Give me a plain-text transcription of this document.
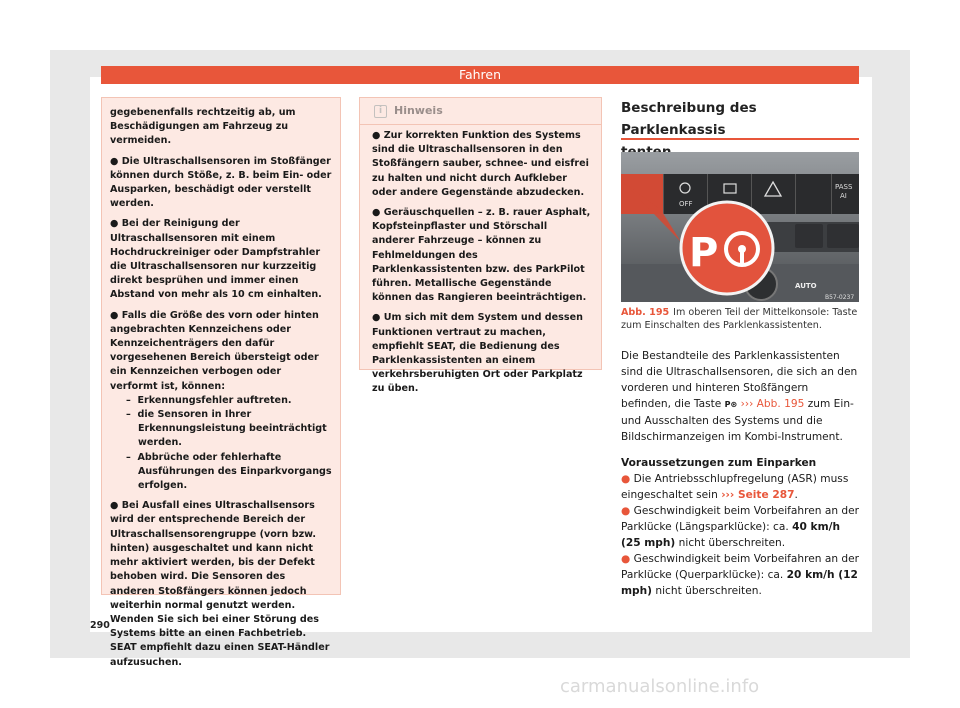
Fahren

gegebenenfalls rechtzeitig ab, um Beschädigungen am Fahrzeug zu vermeiden.

● Die Ultraschallsensoren im Stoßfänger können durch Stöße, z. B. beim Ein- oder Ausparken, beschädigt oder verstellt werden.

● Bei der Reinigung der Ultraschallsensoren mit einem Hochdruckreiniger oder Dampfstrahler die Ultraschallsensoren nur kurzzeitig direkt besprühen und immer einen Abstand von mehr als 10 cm einhalten.

● Falls die Größe des vorn oder hinten angebrachten Kennzeichens oder Kennzeichenträgers den dafür vorgesehenen Bereich übersteigt oder ein Kennzeichen verbogen oder verformt ist, können:

–  Erkennungsfehler auftreten.

–  die Sensoren in Ihrer Erkennungsleistung beeinträchtigt werden.

–  Abbrüche oder fehlerhafte Ausführungen des Einparkvorgangs erfolgen.

● Bei Ausfall eines Ultraschallsensors wird der entsprechende Bereich der Ultraschallsensorengruppe (vorn bzw. hinten) ausgeschaltet und kann nicht mehr aktiviert werden, bis der Defekt behoben wird. Die Sensoren des anderen Stoßfängers können jedoch weiterhin normal genutzt werden. Wenden Sie sich bei einer Störung des Systems bitte an einen Fachbetrieb. SEAT empfiehlt dazu einen SEAT-Händler aufzusuchen.

i	Hinweis

● Zur korrekten Funktion des Systems sind die Ultraschallsensoren in den Stoßfängern sauber, schnee- und eisfrei zu halten und nicht durch Aufkleber oder andere Gegenstände abzudecken.

● Geräuschquellen – z. B. rauer Asphalt, Kopfsteinpflaster und Störschall anderer Fahrzeuge – können zu Fehlmeldungen des Parklenkassistenten bzw. des ParkPilot führen. Metallische Gegenstände können das Rangieren beeinträchtigen.

● Um sich mit dem System und dessen Funktionen vertraut zu machen, empfiehlt SEAT, die Bedienung des Parklenkassistenten an einem verkehrsberuhigten Ort oder Parkplatz zu üben.

Beschreibung des Parklenkassis
OFF
PASS
AI
AUTO
P
B57-0237
Abb. 195 Im oberen Teil der Mittelkonsole: Taste zum Einschalten des Parklenkassistenten.

Die Bestandteile des Parklenkassistenten sind die Ultraschallsensoren, die sich an den vorderen und hinteren Stoßfängern befinden, die Taste P⊛ ››› Abb. 195 zum Ein- und Ausschalten des Systems und die Bildschirmanzeigen im Kombi-Instrument.

Voraussetzungen zum Einparken

● Die Antriebsschlupfregelung (ASR) muss eingeschaltet sein ››› Seite 287.

● Geschwindigkeit beim Vorbeifahren an der Parklücke (Längsparklücke): ca. 40 km/h (25 mph) nicht überschreiten.

● Geschwindigkeit beim Vorbeifahren an der Parklücke (Querparklücke): ca. 20 km/h (12 mph) nicht überschreiten.

290
carmanualsonline.info
